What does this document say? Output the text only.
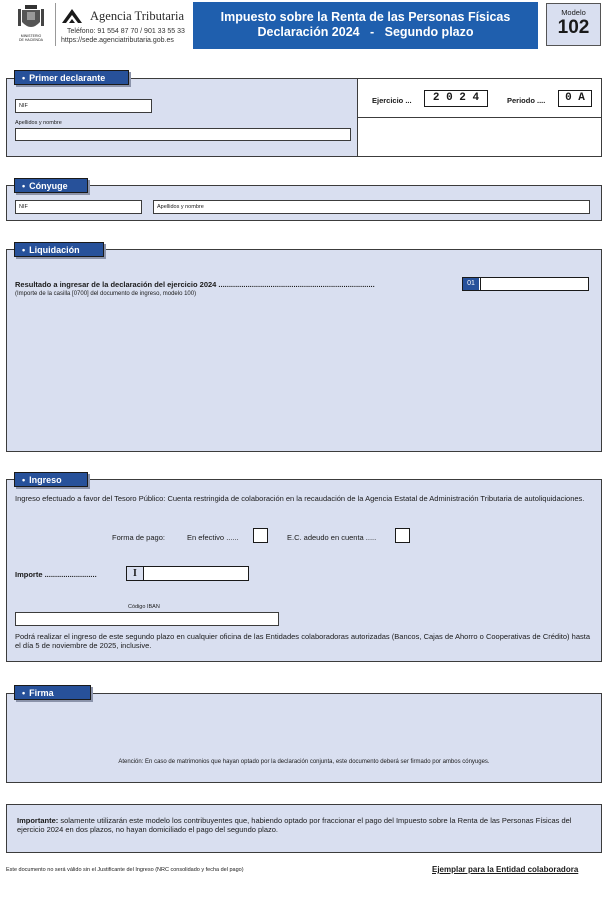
MINISTERIO
DE HACIENDA
Agencia Tributaria
Teléfono: 91 554 87 70 / 901 33 55 33
https://sede.agenciatributaria.gob.es
Impuesto sobre la Renta de las Personas Físicas
Declaración 2024   -   Segundo plazo
Modelo
102
• Primer declarante
NIF
Apellidos y nombre
Ejercicio ...	2 0 2 4	Periodo ....	0 A
• Cónyuge
NIF	Apellidos y nombre
• Liquidación
Resultado a ingresar de la declaración del ejercicio 2024 ...........................................................................
(Importe de la casilla [0700] del documento de ingreso, modelo 100)
01
• Ingreso
Ingreso efectuado a favor del Tesoro Público: Cuenta restringida de colaboración en la recaudación de la Agencia Estatal de Administración Tributaria de autoliquidaciones.
Forma de pago:	En efectivo ......	E.C. adeudo en cuenta .....
Importe .........................	I
Código IBAN
Podrá realizar el ingreso de este segundo plazo en cualquier oficina de las Entidades colaboradoras autorizadas (Bancos, Cajas de Ahorro o Cooperativas de Crédito) hasta el día 5 de noviembre de 2025, inclusive.
• Firma
Atención: En caso de matrimonios que hayan optado por la declaración conjunta, este documento deberá ser firmado por ambos cónyuges.
Importante: solamente utilizarán este modelo los contribuyentes que, habiendo optado por fraccionar el pago del Impuesto sobre la Renta de las Personas Físicas del ejercicio 2024 en dos plazos, no hayan domiciliado el pago del segundo plazo.
Este documento no será válido sin el Justificante del Ingreso (NRC consolidado y fecha del pago)	Ejemplar para la Entidad colaboradora
